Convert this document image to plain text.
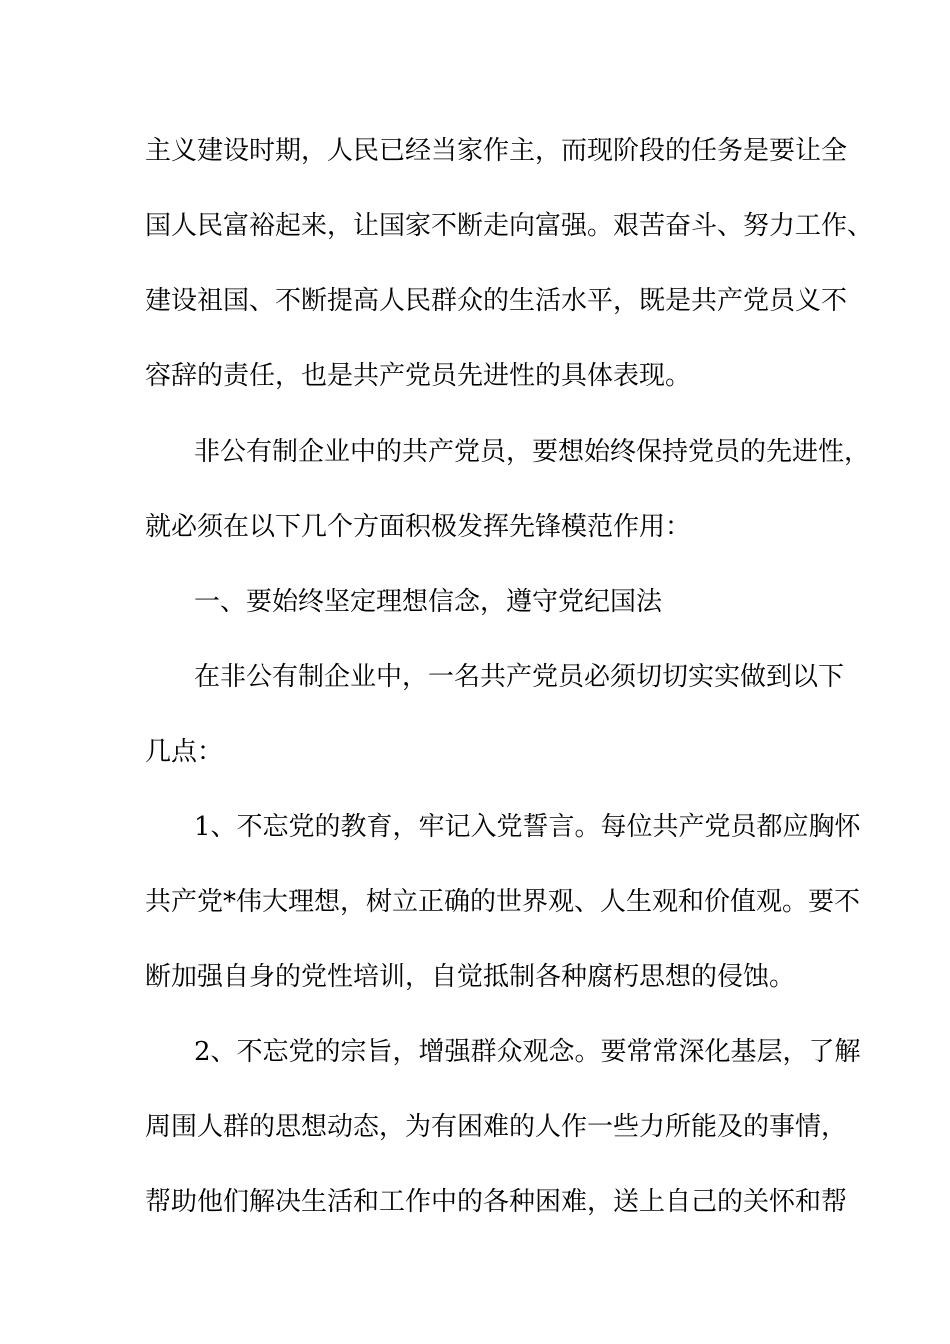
主义建设时期，人民已经当家作主，而现阶段的任务是要让全

国人民富裕起来，让国家不断走向富强。艰苦奋斗、努力工作、

建设祖国、不断提高人民群众的生活水平，既是共产党员义不

容辞的责任，也是共产党员先进性的具体表现。

非公有制企业中的共产党员，要想始终保持党员的先进性，

就必须在以下几个方面积极发挥先锋模范作用：

一、要始终坚定理想信念，遵守党纪国法

在非公有制企业中，一名共产党员必须切切实实做到以下

几点：

1、不忘党的教育，牢记入党誓言。每位共产党员都应胸怀

共产党*伟大理想，树立正确的世界观、人生观和价值观。要不

断加强自身的党性培训，自觉抵制各种腐朽思想的侵蚀。

2、不忘党的宗旨，增强群众观念。要常常深化基层，了解

周围人群的思想动态，为有困难的人作一些力所能及的事情，

帮助他们解决生活和工作中的各种困难，送上自己的关怀和帮
